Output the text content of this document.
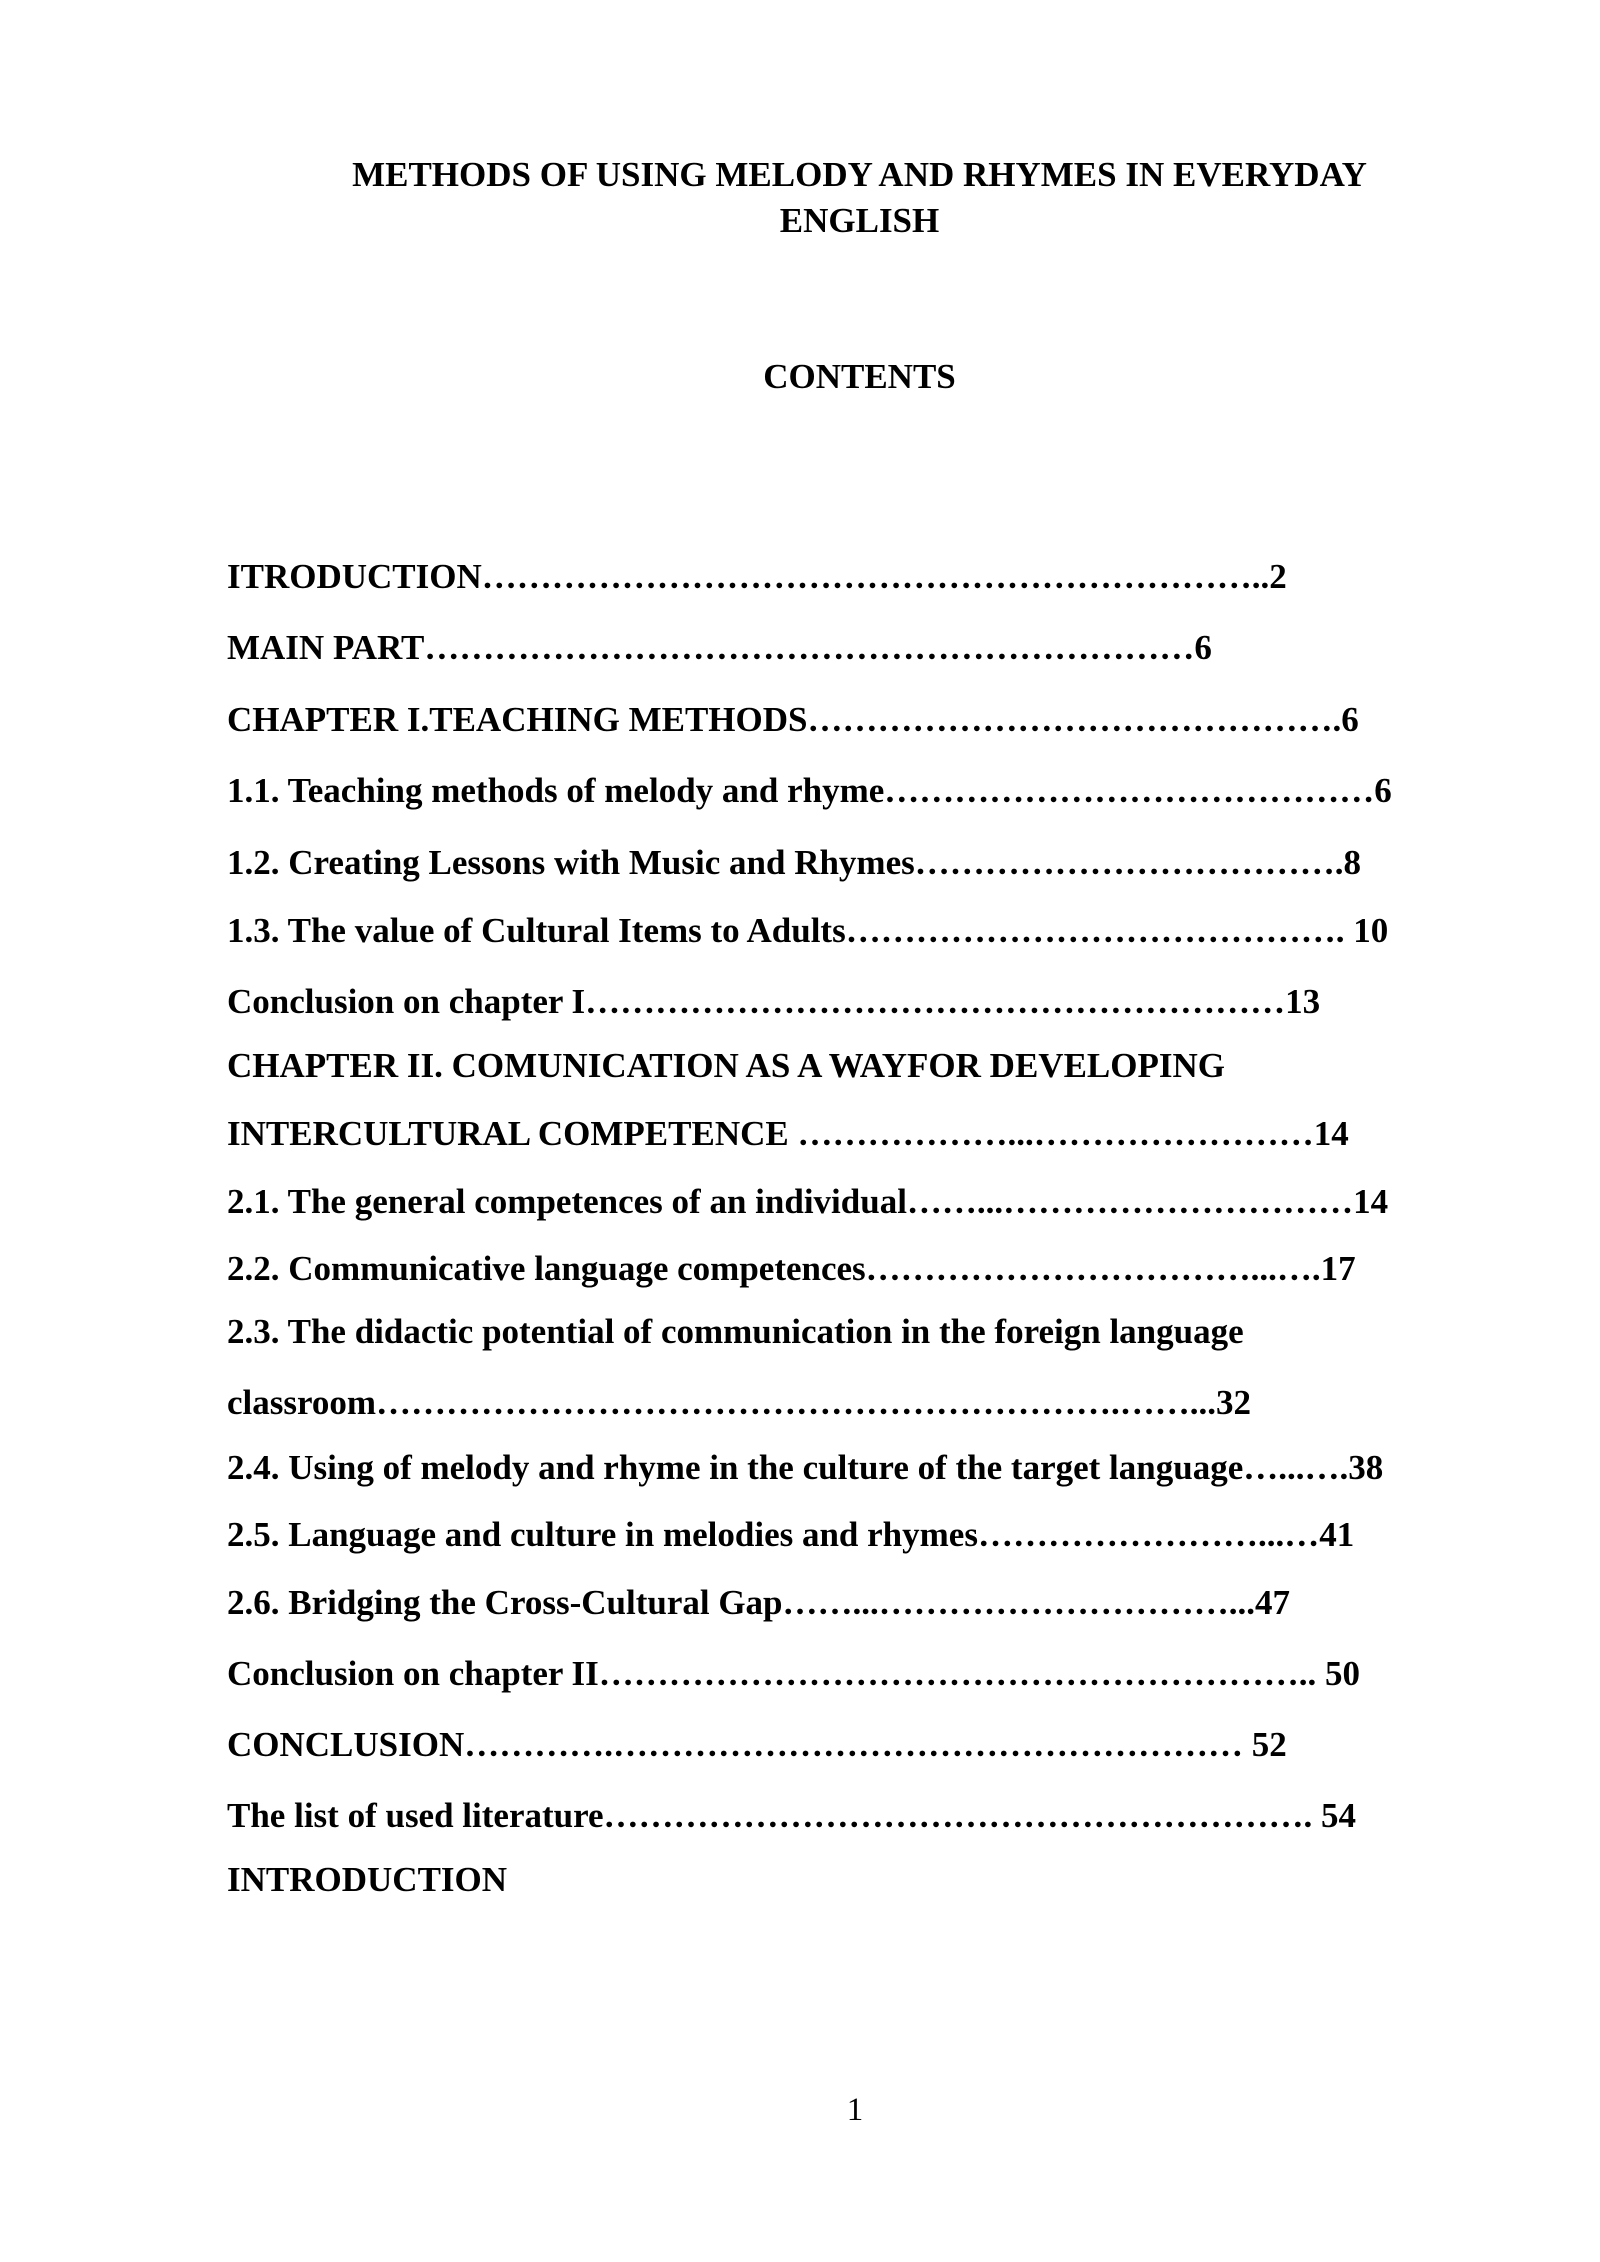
METHODS OF USING MELODY AND RHYMES IN EVERYDAY
ENGLISH
CONTENTS

ITRODUCTION…………………………………………………………..2

MAIN PART…………………………………………………………6

CHAPTER I.TEACHING METHODS……………………………………….6

1.1. Teaching methods of melody and rhyme……………………………………6

1.2. Creating Lessons with Music and Rhymes……………………………….8

1.3. The value of Cultural Items to Adults……………………………………. 10

Conclusion on chapter I……………………………………………………13

CHAPTER II. COMUNICATION AS A WAYFOR DEVELOPING

INTERCULTURAL COMPETENCE ………………...……………………14

2.1. The general competences of an individual……...…………………………14

2.2. Communicative language competences……………………………...….17

2.3. The didactic potential of communication in the foreign language

classroom……………………………………………………….……...32

2.4. Using of melody and rhyme in the culture of the target language…...….38

2.5. Language and culture in melodies and rhymes……………………...…41

2.6. Bridging the Cross-Cultural Gap……...…………………………...47

Conclusion on chapter II…………………………………………………….. 50

CONCLUSION………….……………………………………………… 52

The list of used literature……………………………………………………. 54

INTRODUCTION

1
